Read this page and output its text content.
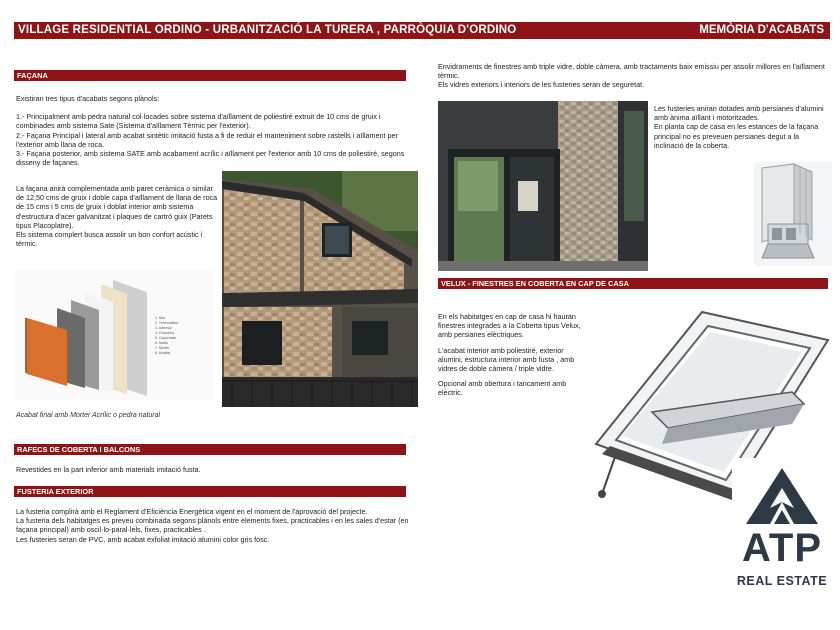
VILLAGE RESIDENTIAL ORDINO - URBANITZACIÓ LA TURERA , PARRÒQUIA D'ORDINO	MEMÒRIA D'ACABATS
FAÇANA

Existiran tres tipus d'acabats segons plànols:

1.- Principalment amb pedra natural col·locades sobre sistema d'aïllament de poliestiré extruit de 10 cms de gruix i combinades amb sistema Sate (Sistema d'aïllament Tèrmic per l'exterior).

2.- Façana Principal i lateral amb acabat sintètic imitació fusta a fi de reduir el manteniment sobre rastells i aïllament per l'exterior amb llana de roca.

3.- Façana posterior, amb sistema SATE amb acabament acrílic i aïllament per l'exterior amb 10 cms de poliestiré, segons disseny de façanes.

La façana anirà complementada amb paret ceràmica o similar de 12,50 cms de gruix i doble capa d'aïllament de llana de roca de 15 cms i 5 cms de gruix i doblat interior amb sistema d'estructura d'acer galvanitzat i plaques de cartró guix (Parets tipus Placoplatre).

Els sistema complert busca assolir un bon confort acústic i tèrmic.

1. Mur
2. Termoaillant
3. Adhesiu
4. Fixacions
5. Capa base
6. Malla
7. Morter
8. Acabat
Acabat final amb Morter Acrílic o pedra natural
RAFECS DE COBERTA I BALCONS
Revestides en la part inferior amb materials imitació fusta.
FUSTERIA EXTERIOR

La fusteria complirà amb el Reglament d'Eficiència Energètica vigent en el moment de l'aprovació del projecte.

La fusteria dels habitatges es preveu combinada segons plànols entre elements fixes, practicables i en les sales d'estar (en façana principal) amb oscil·lo-paral·lels, fixes, practicables .

Les fusteries seran de PVC, amb acabat exfoliat imitació alumini color gris fosc.

Envidraments de finestres amb triple vidre, doble càmera, amb tractaments baix emissiu per assolir millores en l'aïllament tèrmic.

Els vidres exteriors i interiors de les fusteries seran de seguretat.

Les fusteries aniran dotades amb persianes d'alumini amb ànima aïllant i motoritzades.

En planta cap de casa en les estances de la façana principal no es preveuen persianes degut a la inclinació de la coberta.

VELUX - FINESTRES EN COBERTA EN CAP DE CASA

En els habitatges en cap de casa hi hauran finestres integrades a la Coberta tipus Velux, amb persianes elèctriques.

L'acabat interior amb poliestiré, exterior alumini, estructura interior amb fusta , amb vidres de doble càmera / triple vidre.

Opcional amb obertura i tancament amb elèctric.

ATP
REAL ESTATE
